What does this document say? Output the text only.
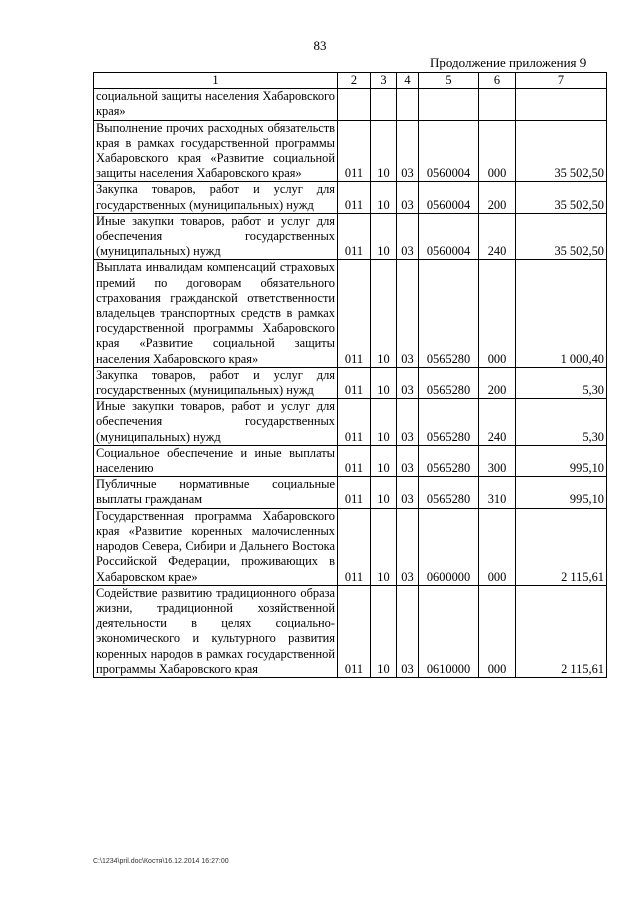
83
Продолжение приложения 9
1	2	3	4	5	6	7
социальной защиты населения Хабаровского края»						
Выполнение прочих расходных обязательств края в рамках государственной программы Хабаровского края «Развитие социальной защиты населения Хабаровского края»	011	10	03	0560004	000	35 502,50
Закупка товаров, работ и услуг для государственных (муниципальных) нужд	011	10	03	0560004	200	35 502,50
Иные закупки товаров, работ и услуг для обеспечения государственных (муниципальных) нужд	011	10	03	0560004	240	35 502,50
Выплата инвалидам компенсаций страховых премий по договорам обязательного страхования гражданской ответственности владельцев транспортных средств в рамках государственной программы Хабаровского края «Развитие социальной защиты населения Хабаровского края»	011	10	03	0565280	000	1 000,40
Закупка товаров, работ и услуг для государственных (муниципальных) нужд	011	10	03	0565280	200	5,30
Иные закупки товаров, работ и услуг для обеспечения государственных (муниципальных) нужд	011	10	03	0565280	240	5,30
Социальное обеспечение и иные выплаты населению	011	10	03	0565280	300	995,10
Публичные нормативные социальные выплаты гражданам	011	10	03	0565280	310	995,10
Государственная программа Хабаровского края «Развитие коренных малочисленных народов Севера, Сибири и Дальнего Востока Российской Федерации, проживающих в Хабаровском крае»	011	10	03	0600000	000	2 115,61
Содействие развитию традиционного образа жизни, традиционной хозяйственной деятельности в целях социально-экономического и культурного развития коренных народов в рамках государственной программы Хабаровского края	011	10	03	0610000	000	2 115,61
C:\1234\pril.doc\Костя\16.12.2014 16:27:00
